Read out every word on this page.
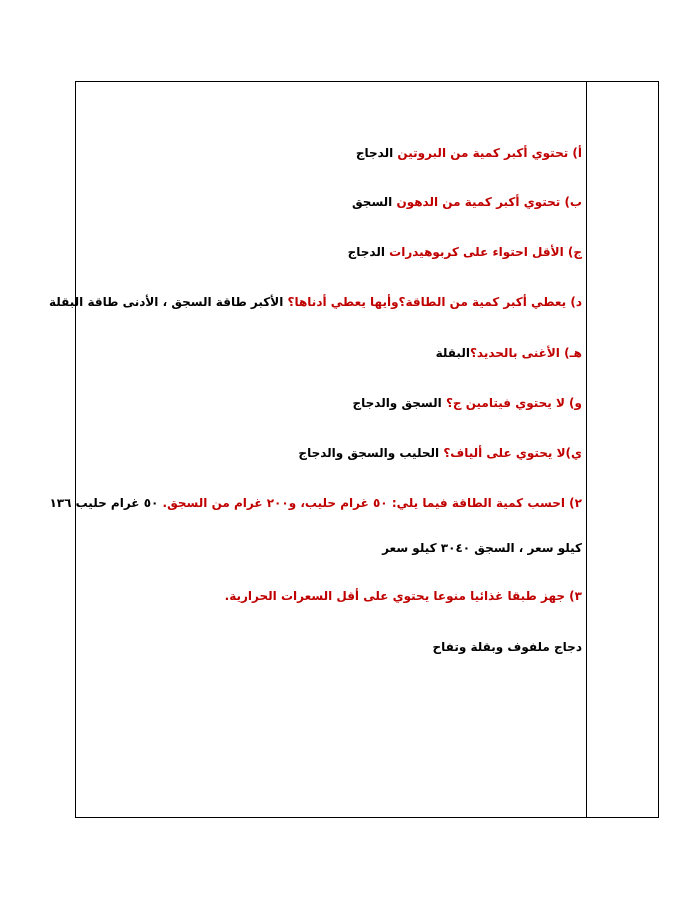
أ) تحتوي أكبر كمية من البروتين الدجاج
ب) تحتوي أكبر كمية من الدهون السجق
ج) الأقل احتواء على كربوهيدرات الدجاج
د) يعطي أكبر كمية من الطاقة؟وأيها يعطي أدناها؟ الأكبر طاقة السجق ، الأدنى طاقة البقلة
هـ) الأغنى بالحديد؟البقلة
و) لا يحتوي فيتامين ج؟ السجق والدجاج
ي)لا يحتوي على ألياف؟ الحليب والسجق والدجاج
٢) احسب كمية الطاقة فيما يلي: ٥٠ غرام حليب، و٢٠٠ غرام من السجق. ٥٠ غرام حليب ١٣٦
كيلو سعر ، السجق ٣٠٤٠ كيلو سعر
٣) جهز طبقا غذائيا منوعا يحتوي على أقل السعرات الحرارية.
دجاج ملفوف وبقلة وتفاح
